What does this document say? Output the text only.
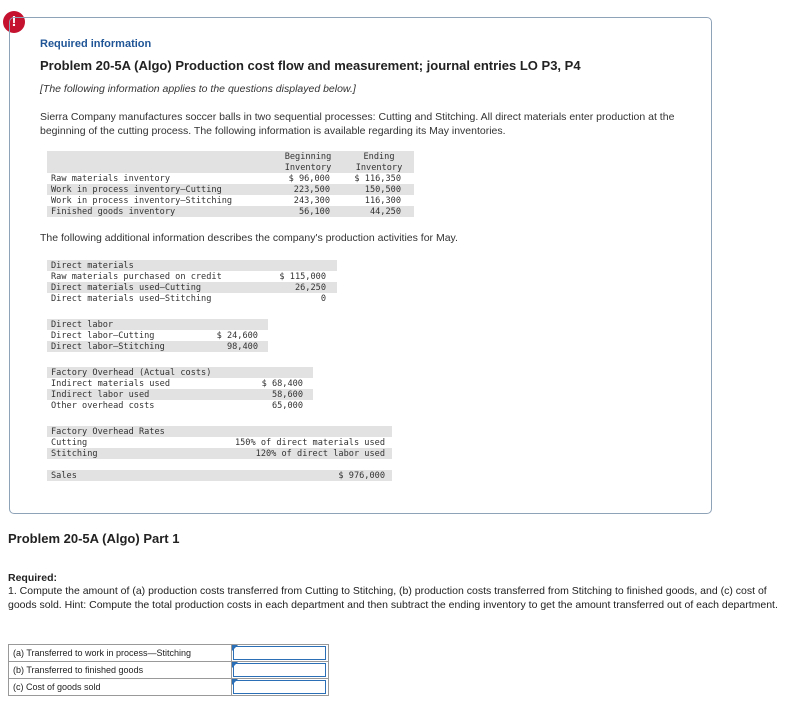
!
Required information
Problem 20-5A (Algo) Production cost flow and measurement; journal entries LO P3, P4
[The following information applies to the questions displayed below.]
Sierra Company manufactures soccer balls in two sequential processes: Cutting and Stitching. All direct materials enter production at the beginning of the cutting process. The following information is available regarding its May inventories.
Beginning
Inventory
Ending
Inventory
Raw materials inventory	$ 96,000	$ 116,350
Work in process inventory—Cutting	223,500	150,500
Work in process inventory—Stitching	243,300	116,300
Finished goods inventory	56,100	44,250
The following additional information describes the company's production activities for May.
Direct materials
Raw materials purchased on credit	$ 115,000
Direct materials used—Cutting	26,250
Direct materials used—Stitching	0
Direct labor
Direct labor—Cutting	$ 24,600
Direct labor—Stitching	98,400
Factory Overhead (Actual costs)
Indirect materials used	$ 68,400
Indirect labor used	58,600
Other overhead costs	65,000
Factory Overhead Rates
Cutting	150% of direct materials used
Stitching	120% of direct labor used
Sales	$ 976,000
Problem 20-5A (Algo) Part 1
Required:
1. Compute the amount of (a) production costs transferred from Cutting to Stitching, (b) production costs transferred from Stitching to finished goods, and (c) cost of goods sold. Hint: Compute the total production costs in each department and then subtract the ending inventory to get the amount transferred out of each department.
(a) Transferred to work in process—Stitching	

(b) Transferred to finished goods	

(c) Cost of goods sold	
